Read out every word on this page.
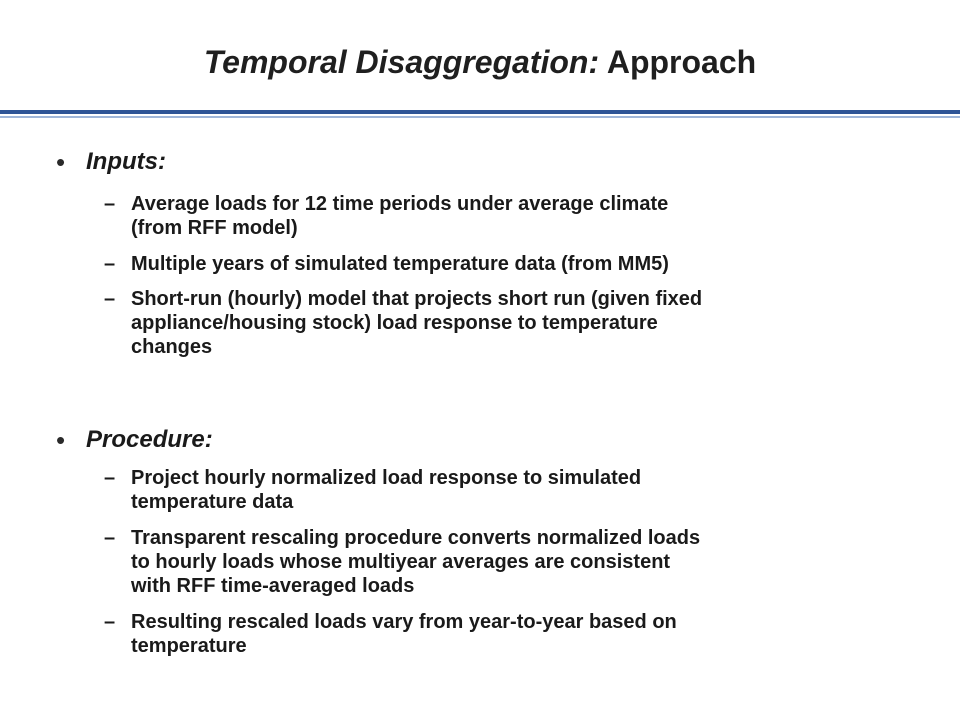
Temporal Disaggregation: Approach
• Inputs:
– Average loads for 12 time periods under average climate
(from RFF model)
– Multiple years of simulated temperature data (from MM5)
– Short-run (hourly) model that projects short run (given fixed
appliance/housing stock) load response to temperature
changes
• Procedure:
– Project hourly normalized load response to simulated
temperature data
– Transparent rescaling procedure converts normalized loads
to hourly loads whose multiyear averages are consistent
with RFF time-averaged loads
– Resulting rescaled loads vary from year-to-year based on
temperature
